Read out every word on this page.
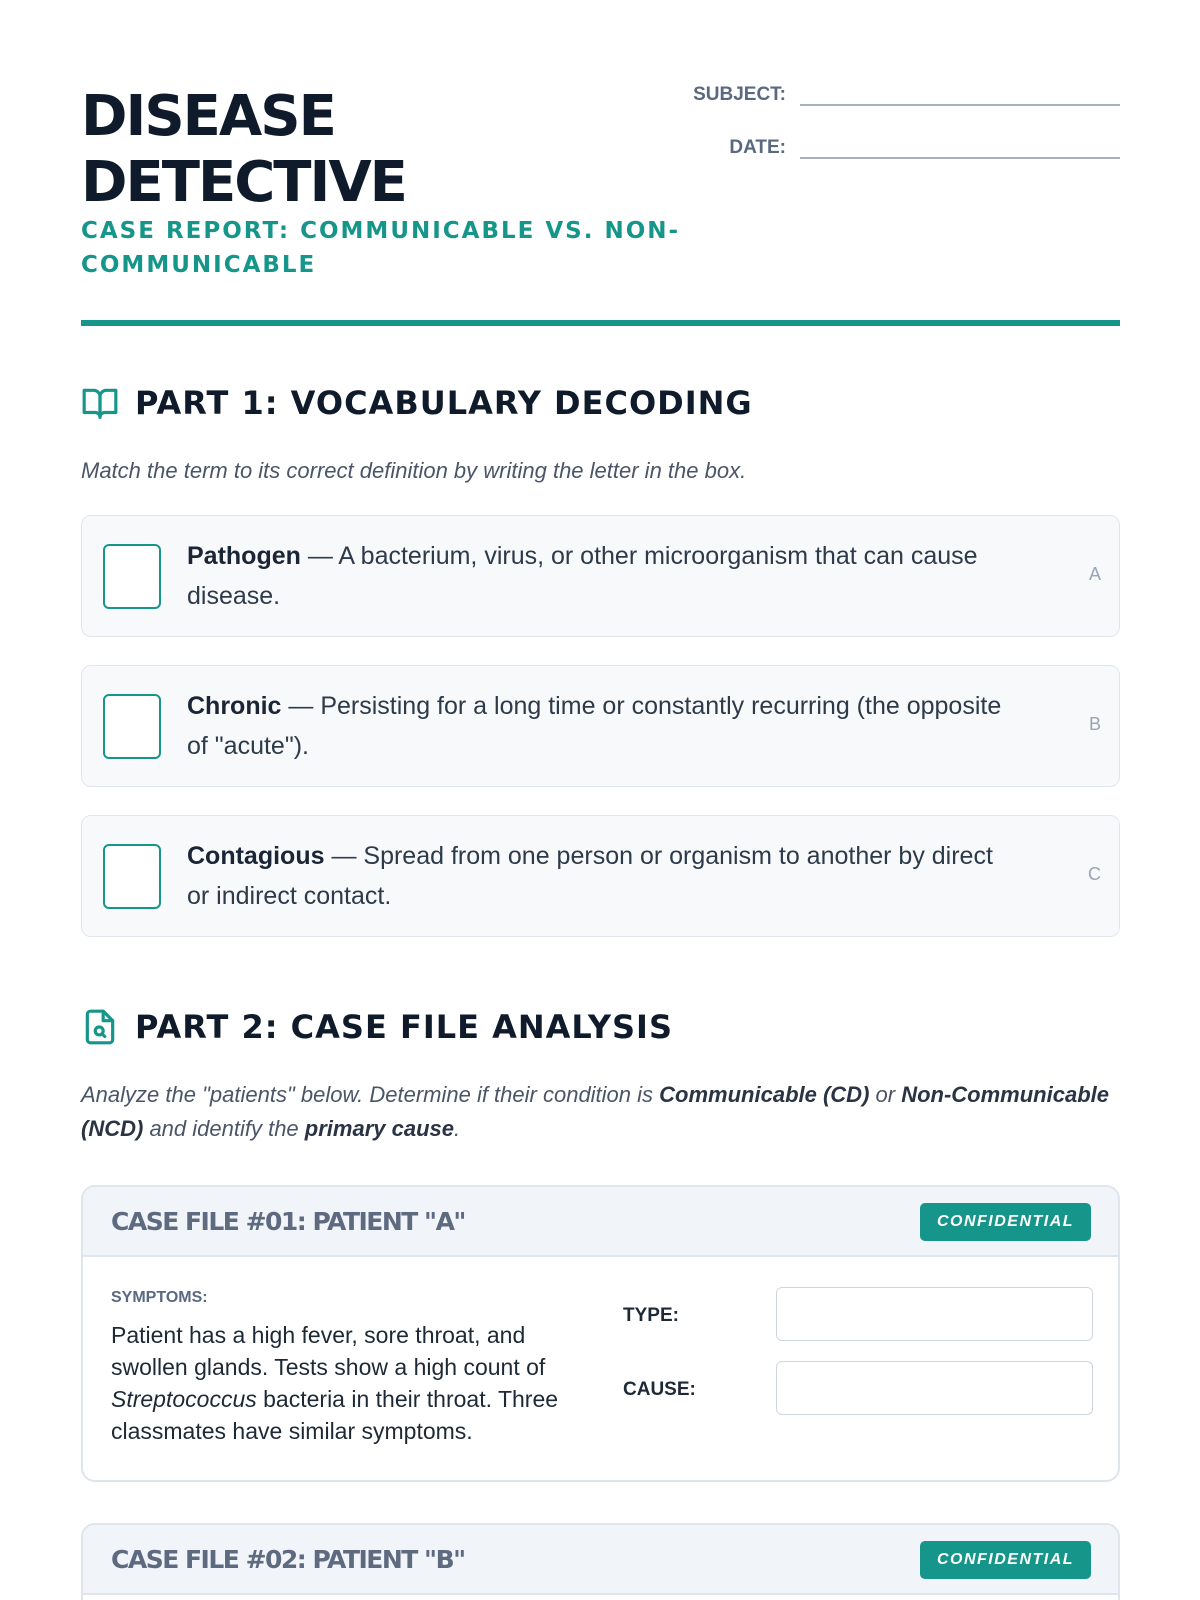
DISEASE
DETECTIVE
CASE REPORT: COMMUNICABLE VS. NON-COMMUNICABLE
SUBJECT:
DATE:
PART 1: VOCABULARY DECODING
Match the term to its correct definition by writing the letter in the box.
Pathogen — A bacterium, virus, or other microorganism that can cause disease.
A
Chronic — Persisting for a long time or constantly recurring (the opposite of "acute").
B
Contagious — Spread from one person or organism to another by direct or indirect contact.
C
PART 2: CASE FILE ANALYSIS
Analyze the "patients" below. Determine if their condition is Communicable (CD) or Non-Communicable (NCD) and identify the primary cause.
CASE FILE #01: PATIENT "A"	CONFIDENTIAL
SYMPTOMS:
Patient has a high fever, sore throat, and swollen glands. Tests show a high count of Streptococcus bacteria in their throat. Three classmates have similar symptoms.
TYPE:
CAUSE:
CASE FILE #02: PATIENT "B"	CONFIDENTIAL
